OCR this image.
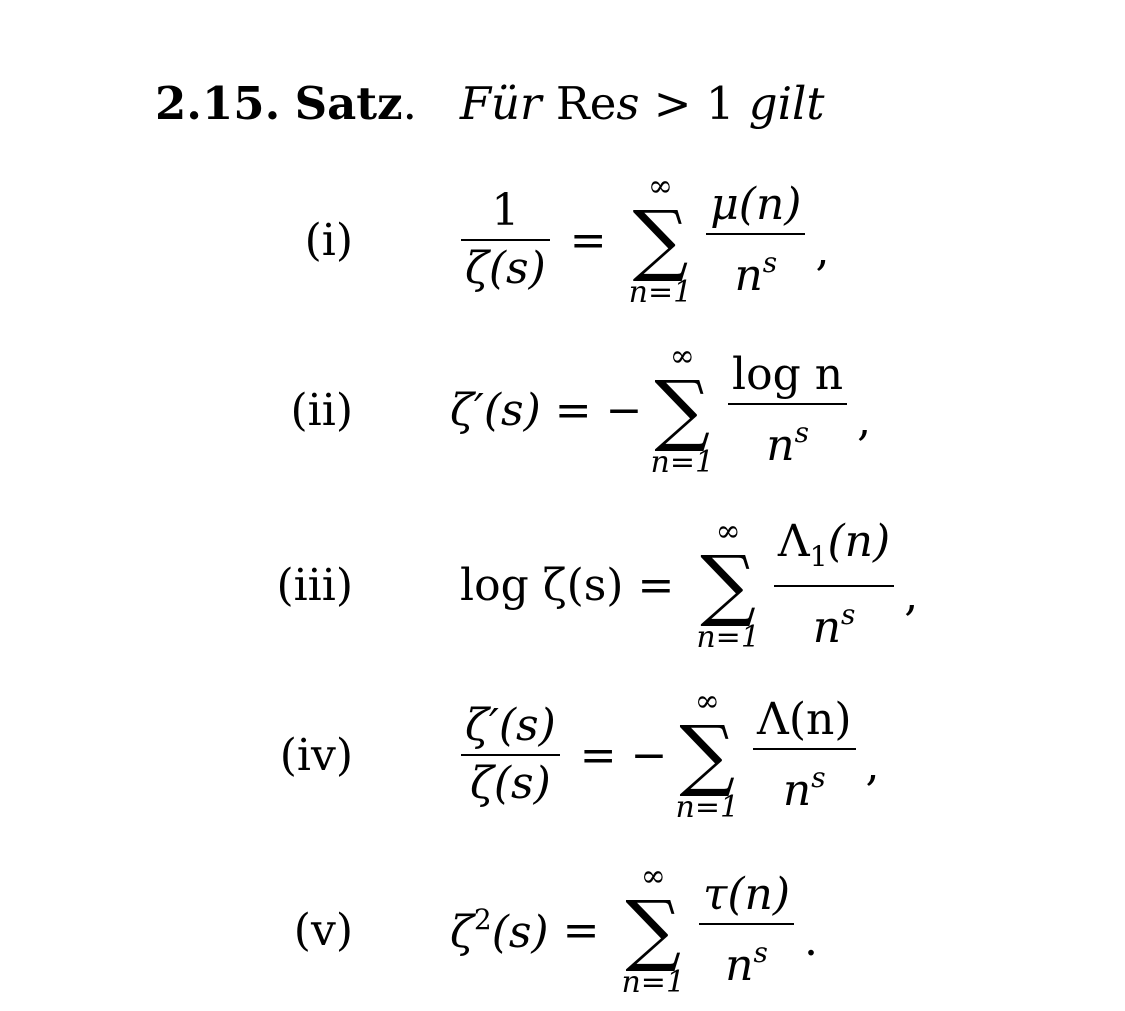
2.15. Satz. Für Res > 1 gilt
$(i) \frac{1}{\zeta(s)}$ =
∞
∑
$n=1 \frac{\mu(n)}{n^s}$ ,
(ii) ζ′(s) = −
∞
∑
$n=1 \frac{\text{log n}}{n^s}$ ,
(iii) log ζ(s) =
∞
∑
$n=1 \frac{\Lambda_1(n)}{n^s}$ ,
$(iv) \frac{\zeta'(s)}{\zeta(s)}$ = −
∞
∑
$n=1 \frac{\Lambda(n)}{n^s}$ ,
(v) $\zeta^2(s)$ =
∞
∑
$n=1 \frac{\tau(n)}{n^s}$ .
